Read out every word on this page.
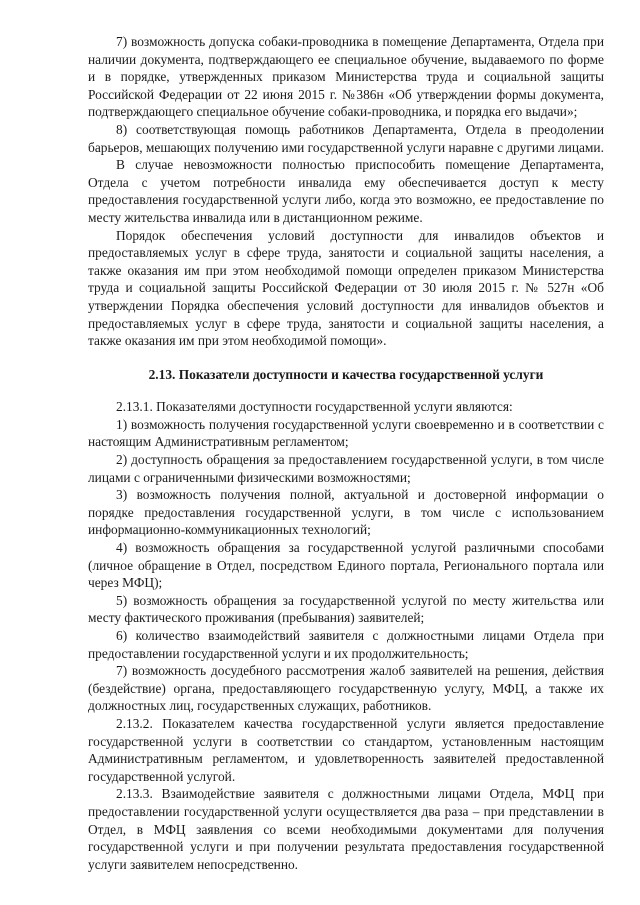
7) возможность допуска собаки-проводника в помещение Департамента, Отдела при наличии документа, подтверждающего ее специальное обучение, выдаваемого по форме и в порядке, утвержденных приказом Министерства труда и социальной защиты Российской Федерации от 22 июня 2015 г. №386н «Об утверждении формы документа, подтверждающего специальное обучение собаки-проводника, и порядка его выдачи»;

8) соответствующая помощь работников Департамента, Отдела в преодолении барьеров, мешающих получению ими государственной услуги наравне с другими лицами.

В случае невозможности полностью приспособить помещение Департамента, Отдела с учетом потребности инвалида ему обеспечивается доступ к месту предоставления государственной услуги либо, когда это возможно, ее предоставление по месту жительства инвалида или в дистанционном режиме.

Порядок обеспечения условий доступности для инвалидов объектов и предоставляемых услуг в сфере труда, занятости и социальной защиты населения, а также оказания им при этом необходимой помощи определен приказом Министерства труда и социальной защиты Российской Федерации от 30 июля 2015 г. № 527н «Об утверждении Порядка обеспечения условий доступности для инвалидов объектов и предоставляемых услуг в сфере труда, занятости и социальной защиты населения, а также оказания им при этом необходимой помощи».

2.13. Показатели доступности и качества государственной услуги

2.13.1. Показателями доступности государственной услуги являются:

1) возможность получения государственной услуги своевременно и в соответствии с настоящим Административным регламентом;

2) доступность обращения за предоставлением государственной услуги, в том числе лицами с ограниченными физическими возможностями;

3) возможность получения полной, актуальной и достоверной информации о порядке предоставления государственной услуги, в том числе с использованием информационно-коммуникационных технологий;

4) возможность обращения за государственной услугой различными способами (личное обращение в Отдел, посредством Единого портала, Регионального портала или через МФЦ);

5) возможность обращения за государственной услугой по месту жительства или месту фактического проживания (пребывания) заявителей;

6) количество взаимодействий заявителя с должностными лицами Отдела при предоставлении государственной услуги и их продолжительность;

7) возможность досудебного рассмотрения жалоб заявителей на решения, действия (бездействие) органа, предоставляющего государственную услугу, МФЦ, а также их должностных лиц, государственных служащих, работников.

2.13.2. Показателем качества государственной услуги является предоставление государственной услуги в соответствии со стандартом, установленным настоящим Административным регламентом, и удовлетворенность заявителей предоставленной государственной услугой.

2.13.3. Взаимодействие заявителя с должностными лицами Отдела, МФЦ при предоставлении государственной услуги осуществляется два раза – при представлении в Отдел, в МФЦ заявления со всеми необходимыми документами для получения государственной услуги и при получении результата предоставления государственной услуги заявителем непосредственно.
